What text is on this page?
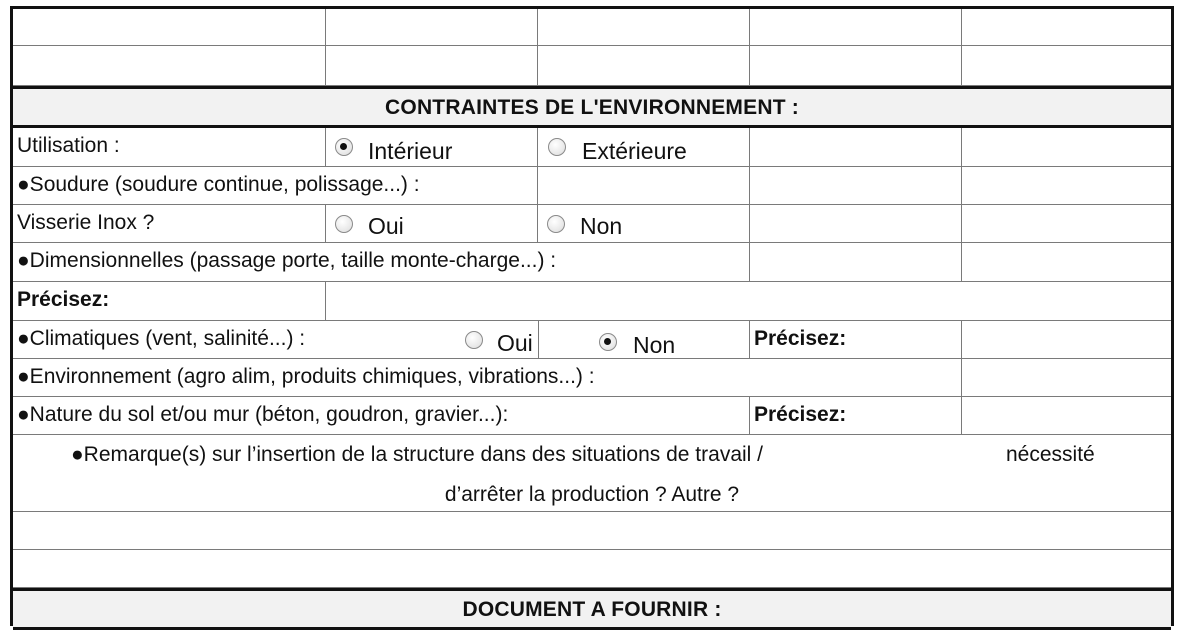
CONTRAINTES DE L'ENVIRONNEMENT :
Utilisation :	Intérieur	Extérieure
●Soudure (soudure continue, polissage...) :
Visserie Inox ?	Oui	Non
●Dimensionnelles (passage porte, taille monte-charge...) :
Précisez:
●Climatiques (vent, salinité...) :	Oui	Non	Précisez:
●Environnement (agro alim, produits chimiques, vibrations...) :
●Nature du sol et/ou mur (béton, goudron, gravier...):	Précisez:
●Remarque(s) sur l’insertion de la structure dans des situations de travail /	nécessité
d’arrêter la production ? Autre ?
DOCUMENT A FOURNIR :
